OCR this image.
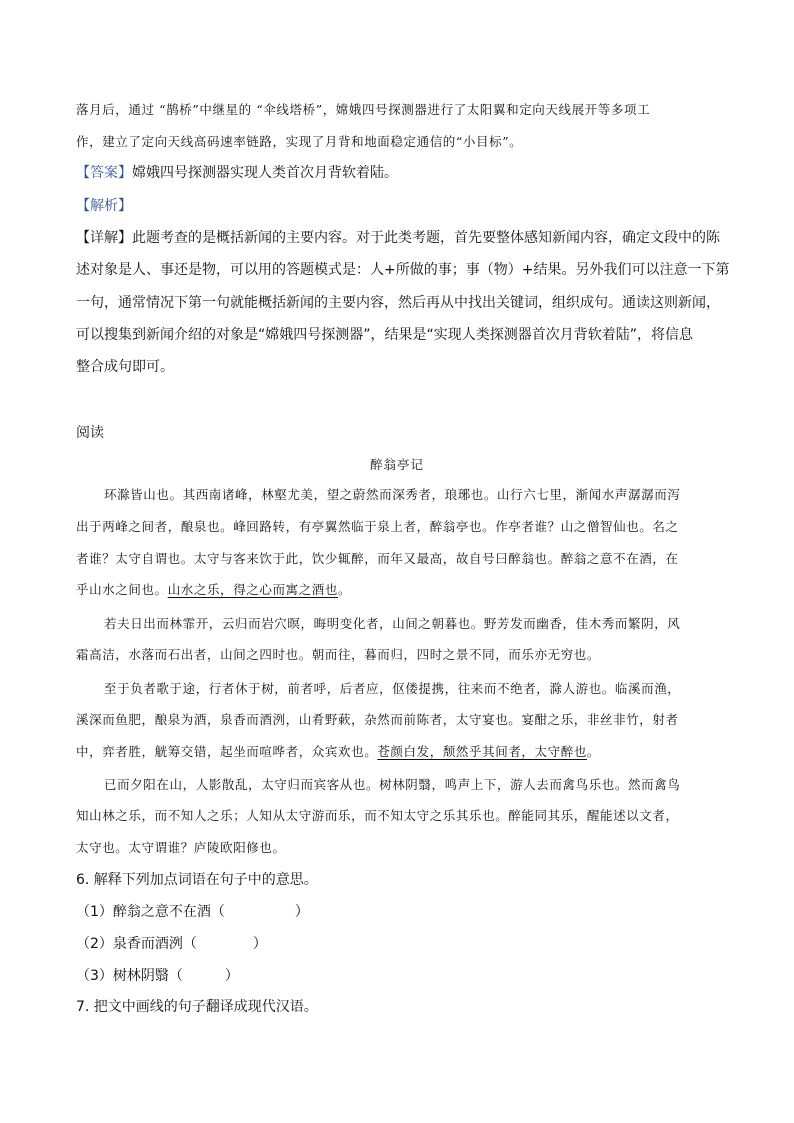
落月后，通过 “鹊桥”中继星的 “伞线塔桥”，嫦娥四号探测器进行了太阳翼和定向天线展开等多项工
作，建立了定向天线高码速率链路，实现了月背和地面稳定通信的“小目标”。
【答案】嫦娥四号探测器实现人类首次月背软着陆。
【解析】
【详解】此题考查的是概括新闻的主要内容。对于此类考题，首先要整体感知新闻内容，确定文段中的陈
述对象是人、事还是物，可以用的答题模式是：人+所做的事；事（物）+结果。另外我们可以注意一下第
一句，通常情况下第一句就能概括新闻的主要内容，然后再从中找出关键词，组织成句。通读这则新闻，
可以搜集到新闻介绍的对象是“嫦娥四号探测器”，结果是“实现人类探测器首次月背软着陆”，将信息
整合成句即可。
阅读
醉翁亭记
环滁皆山也。其西南诸峰，林壑尤美，望之蔚然而深秀者，琅琊也。山行六七里，渐闻水声潺潺而泻
出于两峰之间者，酿泉也。峰回路转，有亭翼然临于泉上者，醉翁亭也。作亭者谁？山之僧智仙也。名之
者谁？太守自谓也。太守与客来饮于此，饮少辄醉，而年又最高，故自号曰醉翁也。醉翁之意不在酒，在
乎山水之间也。山水之乐，得之心而寓之酒也。
若夫日出而林霏开，云归而岩穴暝，晦明变化者，山间之朝暮也。野芳发而幽香，佳木秀而繁阴，风
霜高洁，水落而石出者，山间之四时也。朝而往，暮而归，四时之景不同，而乐亦无穷也。
至于负者歌于途，行者休于树，前者呼，后者应，伛偻提携，往来而不绝者，滁人游也。临溪而渔，
溪深而鱼肥，酿泉为酒，泉香而酒洌，山肴野蔌，杂然而前陈者，太守宴也。宴酣之乐，非丝非竹，射者
中，弈者胜，觥筹交错，起坐而喧哗者，众宾欢也。苍颜白发，颓然乎其间者，太守醉也。
已而夕阳在山，人影散乱，太守归而宾客从也。树林阴翳，鸣声上下，游人去而禽鸟乐也。然而禽鸟
知山林之乐，而不知人之乐；人知从太守游而乐，而不知太守之乐其乐也。醉能同其乐，醒能述以文者，
太守也。太守谓谁？庐陵欧阳修也。
6. 解释下列加点词语在句子中的意思。
（1）醉翁之意不在酒（　　　　　）
（2）泉香而酒洌（　　　　）
（3）树林阴翳（　　　）
7. 把文中画线的句子翻译成现代汉语。
